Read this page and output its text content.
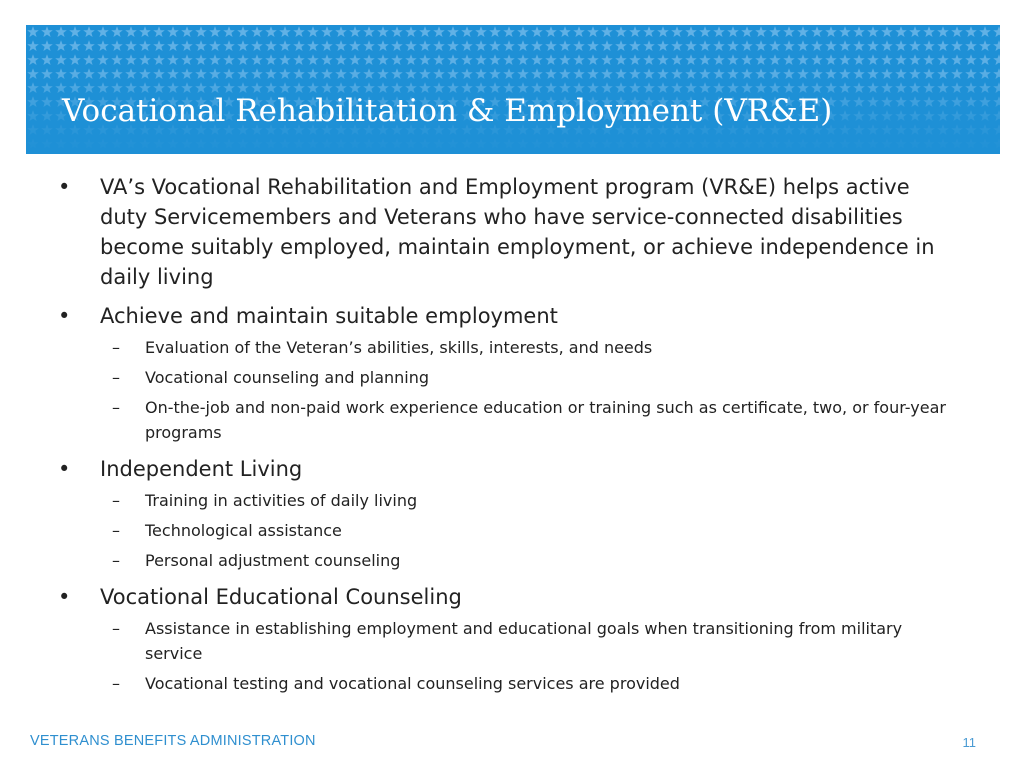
Vocational Rehabilitation & Employment (VR&E)
• VA’s Vocational Rehabilitation and Employment program (VR&E) helps active duty Servicemembers and Veterans who have service-connected disabilities become suitably employed, maintain employment, or achieve independence in daily living
• Achieve and maintain suitable employment
– Evaluation of the Veteran’s abilities, skills, interests, and needs
– Vocational counseling and planning
– On-the-job and non-paid work experience education or training such as certificate, two, or four-year programs
• Independent Living
– Training in activities of daily living
– Technological assistance
– Personal adjustment counseling
• Vocational Educational Counseling
– Assistance in establishing employment and educational goals when transitioning from military service
– Vocational testing and vocational counseling services are provided
VETERANS BENEFITS ADMINISTRATION	11
